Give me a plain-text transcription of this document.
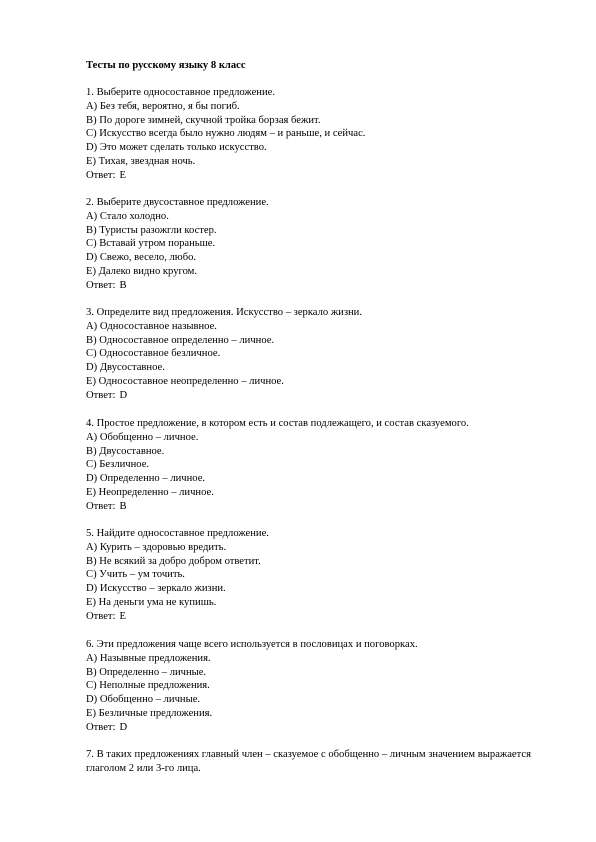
Тесты по русскому языку 8 класс
1. Выберите односоставное предложение.
А) Без тебя, вероятно, я бы погиб.
В) По дороге зимней, скучной тройка борзая бежит.
С) Искусство всегда было нужно людям – и раньше, и сейчас.
D) Это может сделать только искусство.
Е) Тихая, звездная ночь.
Ответ: Е
2. Выберите двусоставное предложение.
А) Стало холодно.
В) Туристы разожгли костер.
С) Вставай утром пораньше.
D) Свежо, весело, любо.
Е) Далеко видно кругом.
Ответ: В
3. Определите вид предложения. Искусство – зеркало жизни.
А) Односоставное назывное.
В) Односоставное определенно – личное.
С) Односоставное безличное.
D) Двусоставное.
Е) Односоставное неопределенно – личное.
Ответ: D
4. Простое предложение, в котором есть и состав подлежащего, и состав сказуемого.
А) Обобщенно – личное.
В) Двусоставное.
С) Безличное.
D) Определенно – личное.
Е) Неопределенно – личное.
Ответ: В
5. Найдите односоставное предложение.
А) Курить – здоровью вредить.
В) Не всякий за добро добром ответит.
С) Учить – ум точить.
D) Искусство – зеркало жизни.
Е) На деньги ума не купишь.
Ответ: Е
6. Эти предложения чаще всего используется в пословицах и поговорках.
А) Назывные предложения.
В) Определенно – личные.
С) Неполные предложения.
D) Обобщенно – личные.
Е) Безличные предложения.
Ответ: D
7. В таких предложениях главный член – сказуемое с обобщенно – личным значением выражается глаголом 2 или 3-го лица.
